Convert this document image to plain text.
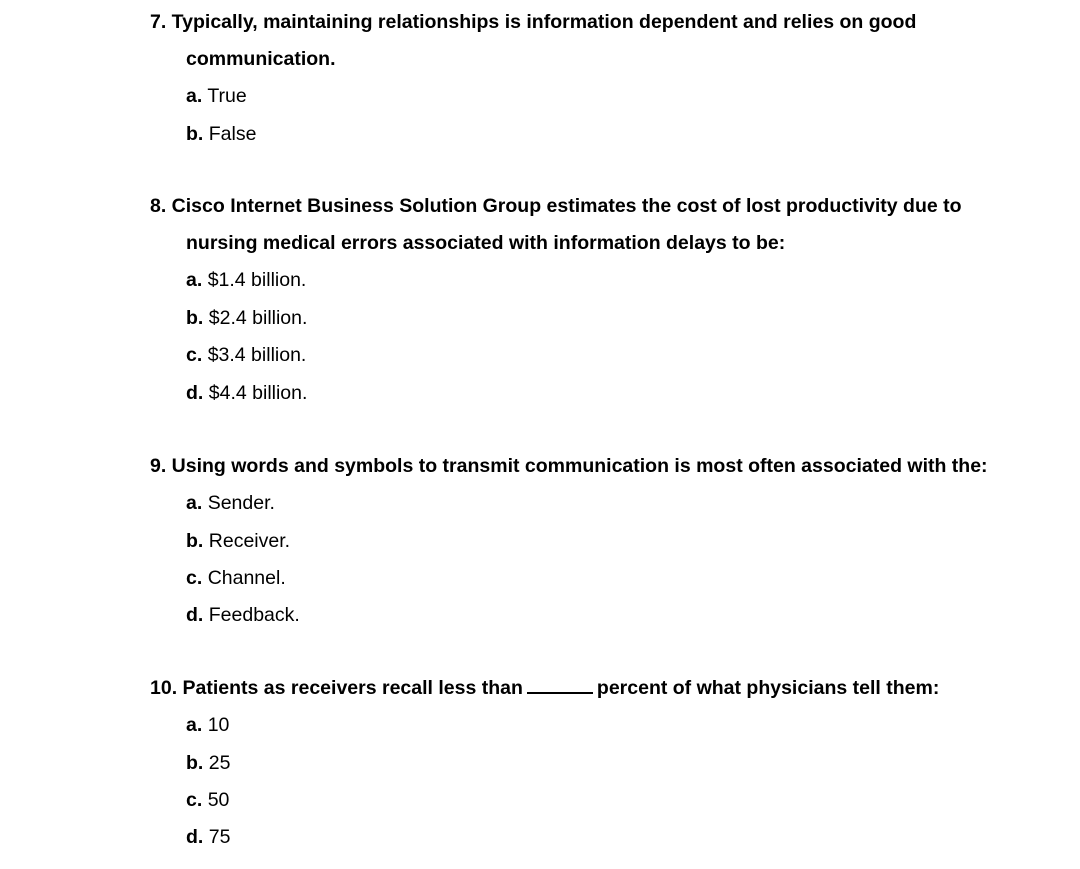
7. Typically, maintaining relationships is information dependent and relies on good
communication.
a. True
b. False
8. Cisco Internet Business Solution Group estimates the cost of lost productivity due to
nursing medical errors associated with information delays to be:
a. $1.4 billion.
b. $2.4 billion.
c. $3.4 billion.
d. $4.4 billion.
9. Using words and symbols to transmit communication is most often associated with the:
a. Sender.
b. Receiver.
c. Channel.
d. Feedback.
10. Patients as receivers recall less than	percent of what physicians tell them:
a. 10
b. 25
c. 50
d. 75
